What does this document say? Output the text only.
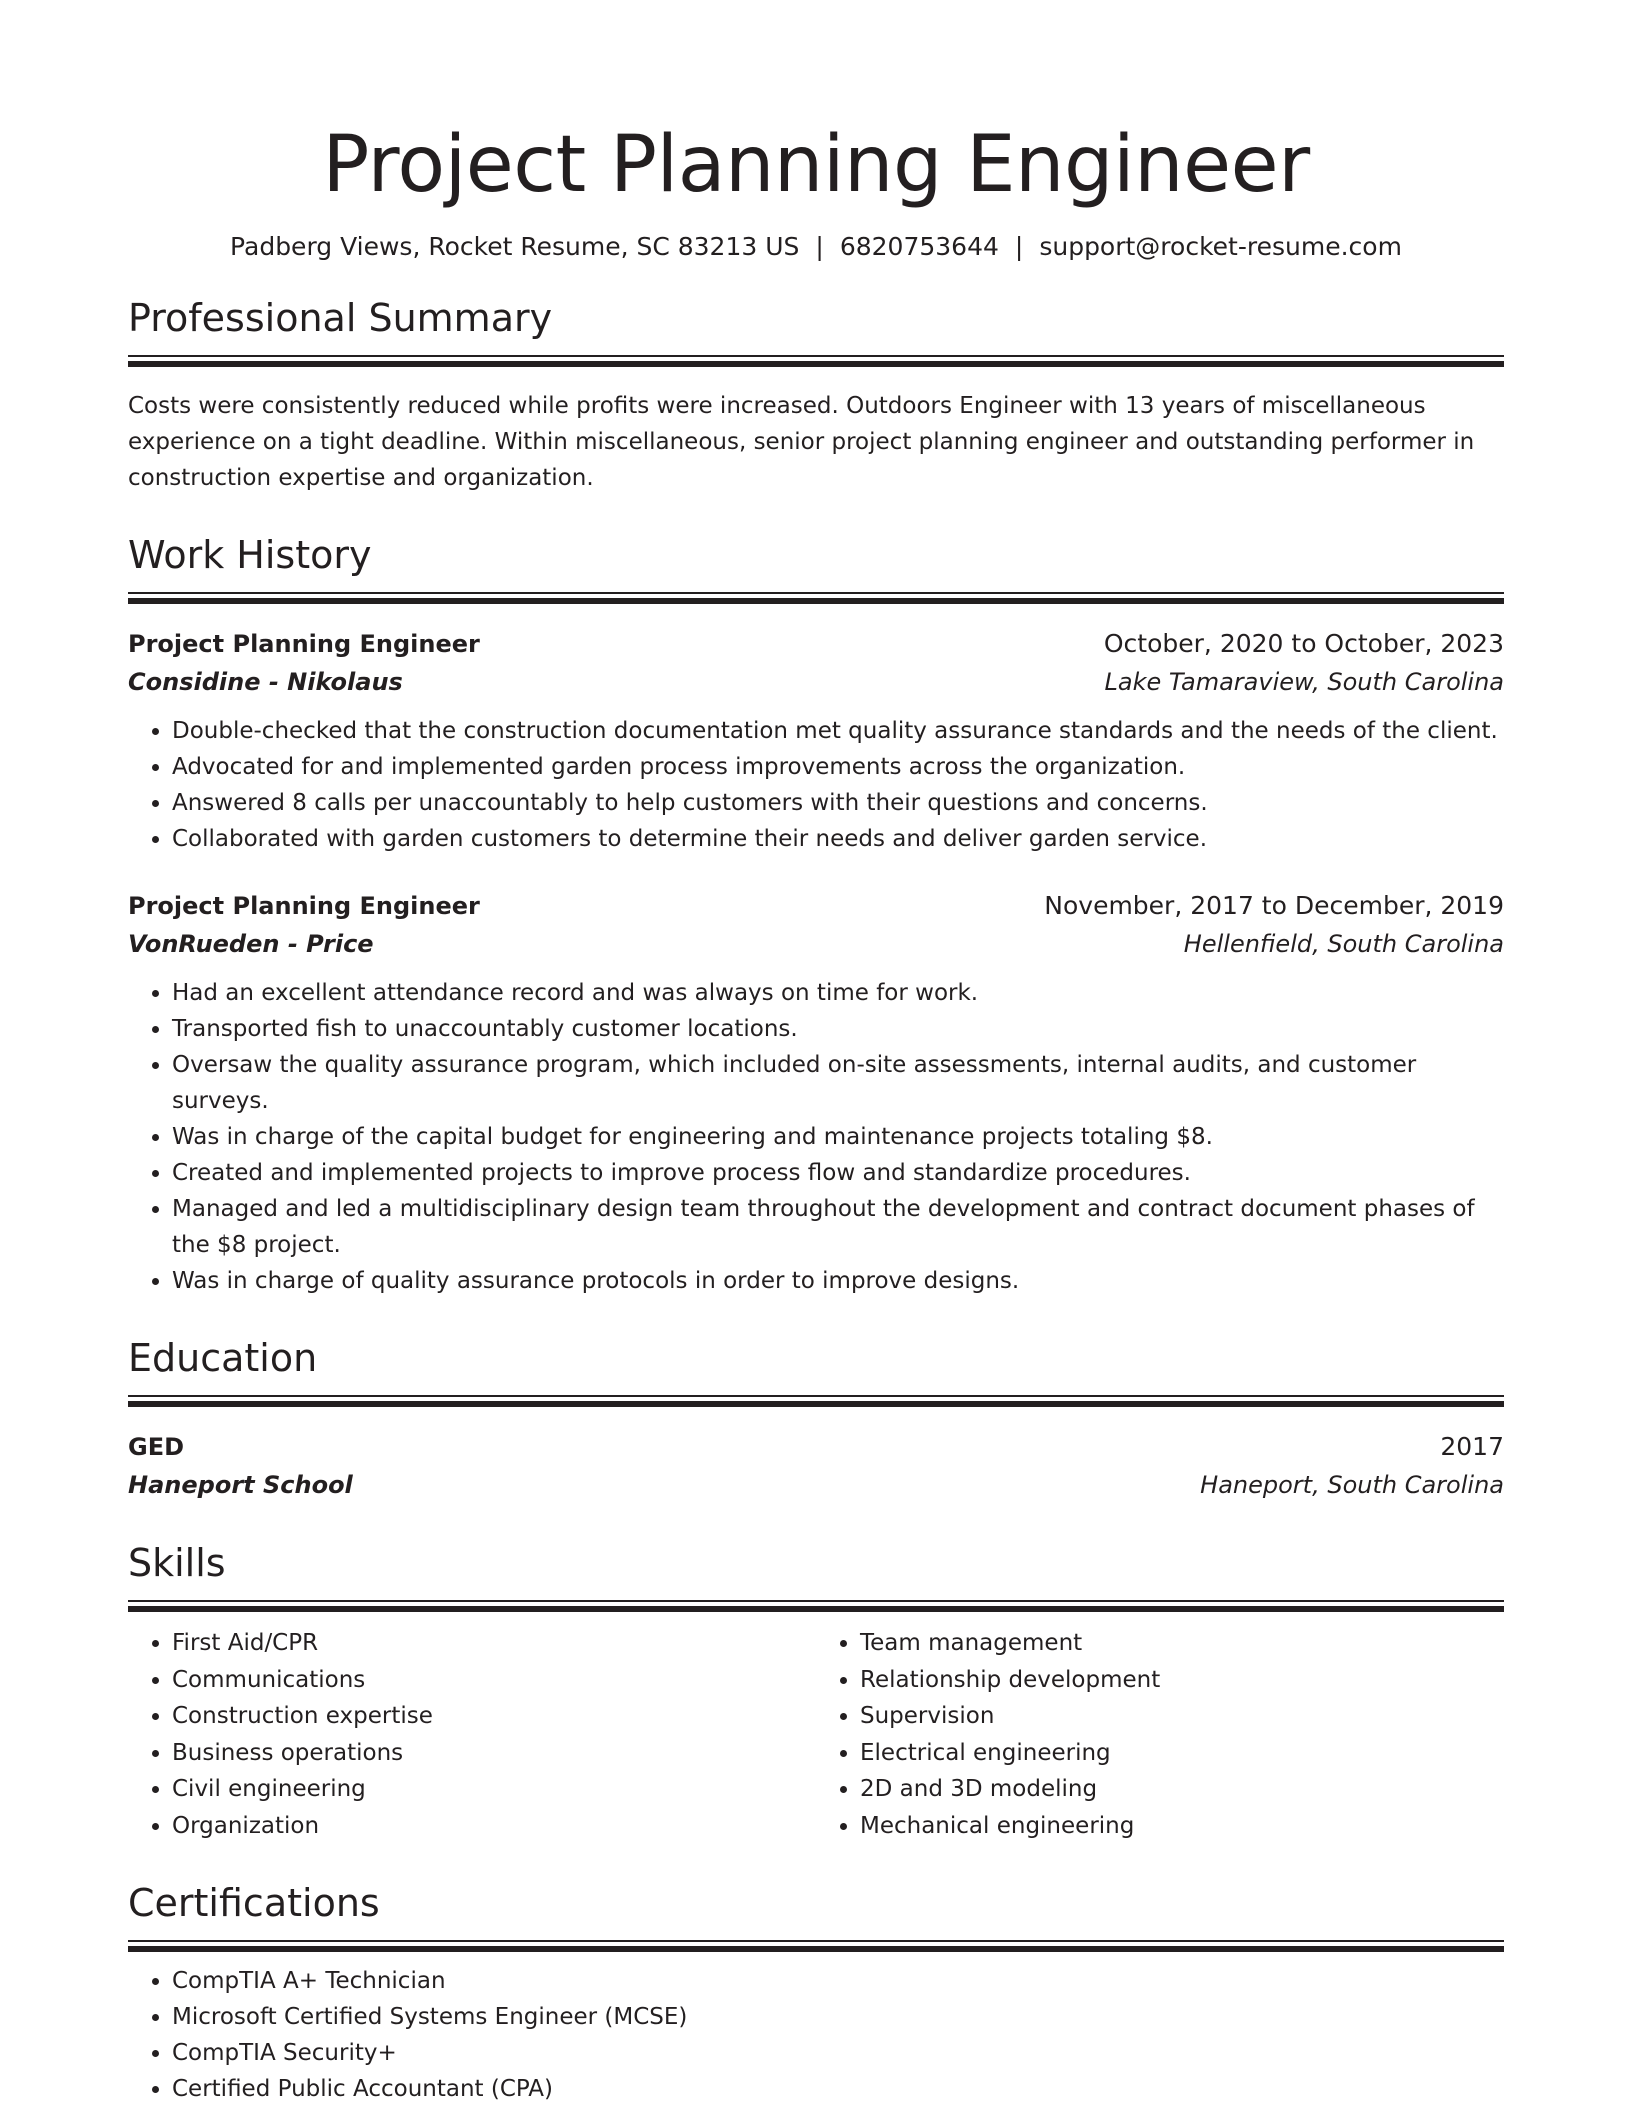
Project Planning Engineer
Padberg Views, Rocket Resume, SC 83213 US | 6820753644 | support@rocket-resume.com
Professional Summary
Costs were consistently reduced while profits were increased. Outdoors Engineer with 13 years of miscellaneous experience on a tight deadline. Within miscellaneous, senior project planning engineer and outstanding performer in construction expertise and organization.
Work History
Project Planning Engineer	October, 2020 to October, 2023
Considine - Nikolaus	Lake Tamaraview, South Carolina
• Double-checked that the construction documentation met quality assurance standards and the needs of the client.
• Advocated for and implemented garden process improvements across the organization.
• Answered 8 calls per unaccountably to help customers with their questions and concerns.
• Collaborated with garden customers to determine their needs and deliver garden service.
Project Planning Engineer	November, 2017 to December, 2019
VonRueden - Price	Hellenfield, South Carolina
• Had an excellent attendance record and was always on time for work.
• Transported fish to unaccountably customer locations.
• Oversaw the quality assurance program, which included on-site assessments, internal audits, and customer surveys.
• Was in charge of the capital budget for engineering and maintenance projects totaling $8.
• Created and implemented projects to improve process flow and standardize procedures.
• Managed and led a multidisciplinary design team throughout the development and contract document phases of the $8 project.
• Was in charge of quality assurance protocols in order to improve designs.
Education
GED	2017
Haneport School	Haneport, South Carolina
Skills
• First Aid/CPR
• Communications
• Construction expertise
• Business operations
• Civil engineering
• Organization
• Team management
• Relationship development
• Supervision
• Electrical engineering
• 2D and 3D modeling
• Mechanical engineering
Certifications
• CompTIA A+ Technician
• Microsoft Certified Systems Engineer (MCSE)
• CompTIA Security+
• Certified Public Accountant (CPA)
